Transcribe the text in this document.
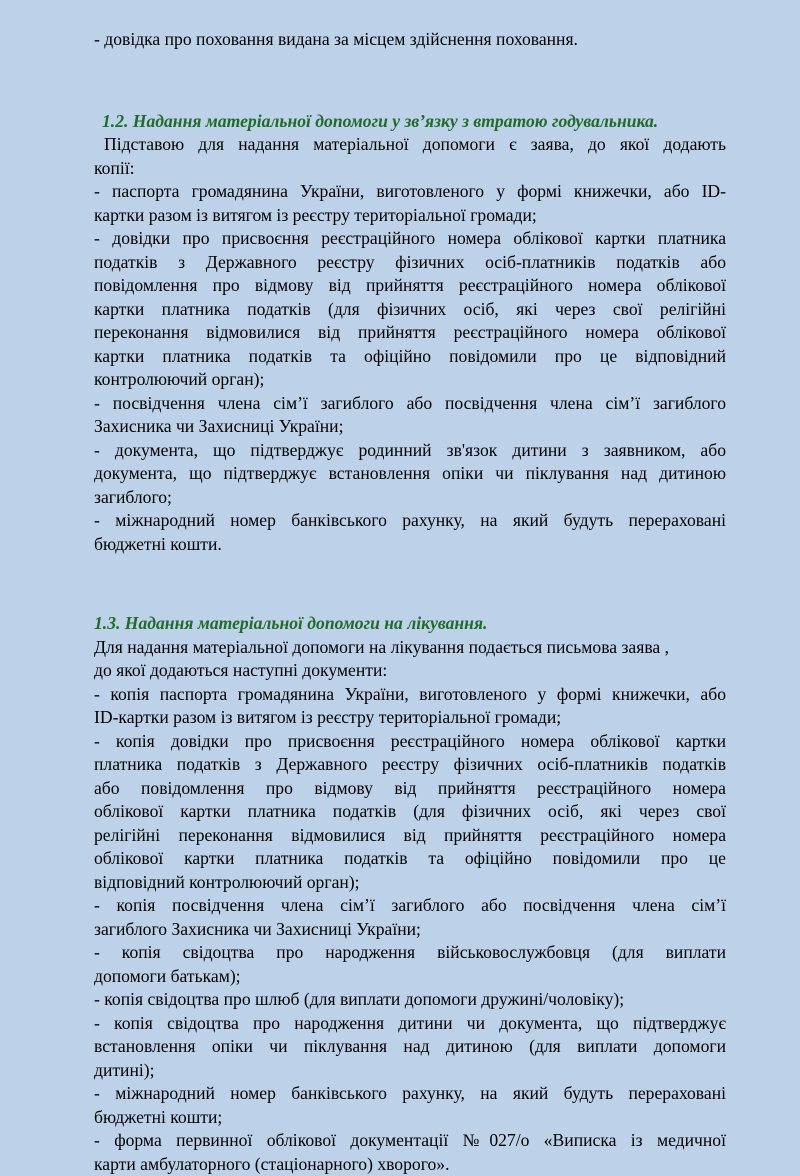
- довідка про поховання видана за місцем здійснення поховання.
1.2. Надання матеріальної допомоги у зв’язку з втратою годувальника.
Підставою для надання матеріальної допомоги є заява, до якої додають
копії:
- паспорта громадянина України, виготовленого у формі книжечки, або ID-
картки разом із витягом із реєстру територіальної громади;
- довідки про присвоєння реєстраційного номера облікової картки платника
податків з Державного реєстру фізичних осіб-платників податків або
повідомлення про відмову від прийняття реєстраційного номера облікової
картки платника податків (для фізичних осіб, які через свої релігійні
переконання відмовилися від прийняття реєстраційного номера облікової
картки платника податків та офіційно повідомили про це відповідний
контролюючий орган);
- посвідчення члена сім’ї загиблого або посвідчення члена сім’ї загиблого
Захисника чи Захисниці України;
- документа, що підтверджує родинний зв'язок дитини з заявником, або
документа, що підтверджує встановлення опіки чи піклування над дитиною
загиблого;
- міжнародний номер банківського рахунку, на який будуть перераховані
бюджетні кошти.
1.3. Надання матеріальної допомоги на лікування.
Для надання матеріальної допомоги на лікування подається письмова заява ,
до якої додаються наступні документи:
- копія паспорта громадянина України, виготовленого у формі книжечки, або
ID-картки разом із витягом із реєстру територіальної громади;
- копія довідки про присвоєння реєстраційного номера облікової картки
платника податків з Державного реєстру фізичних осіб-платників податків
або повідомлення про відмову від прийняття реєстраційного номера
облікової картки платника податків (для фізичних осіб, які через свої
релігійні переконання відмовилися від прийняття реєстраційного номера
облікової картки платника податків та офіційно повідомили про це
відповідний контролюючий орган);
- копія посвідчення члена сім’ї загиблого або посвідчення члена сім’ї
загиблого Захисника чи Захисниці України;
- копія свідоцтва про народження військовослужбовця (для виплати
допомоги батькам);
- копія свідоцтва про шлюб (для виплати допомоги дружині/чоловіку);
- копія свідоцтва про народження дитини чи документа, що підтверджує
встановлення опіки чи піклування над дитиною (для виплати допомоги
дитині);
- міжнародний номер банківського рахунку, на який будуть перераховані
бюджетні кошти;
- форма первинної облікової документації №027/о «Виписка із медичної
карти амбулаторного (стаціонарного) хворого».
